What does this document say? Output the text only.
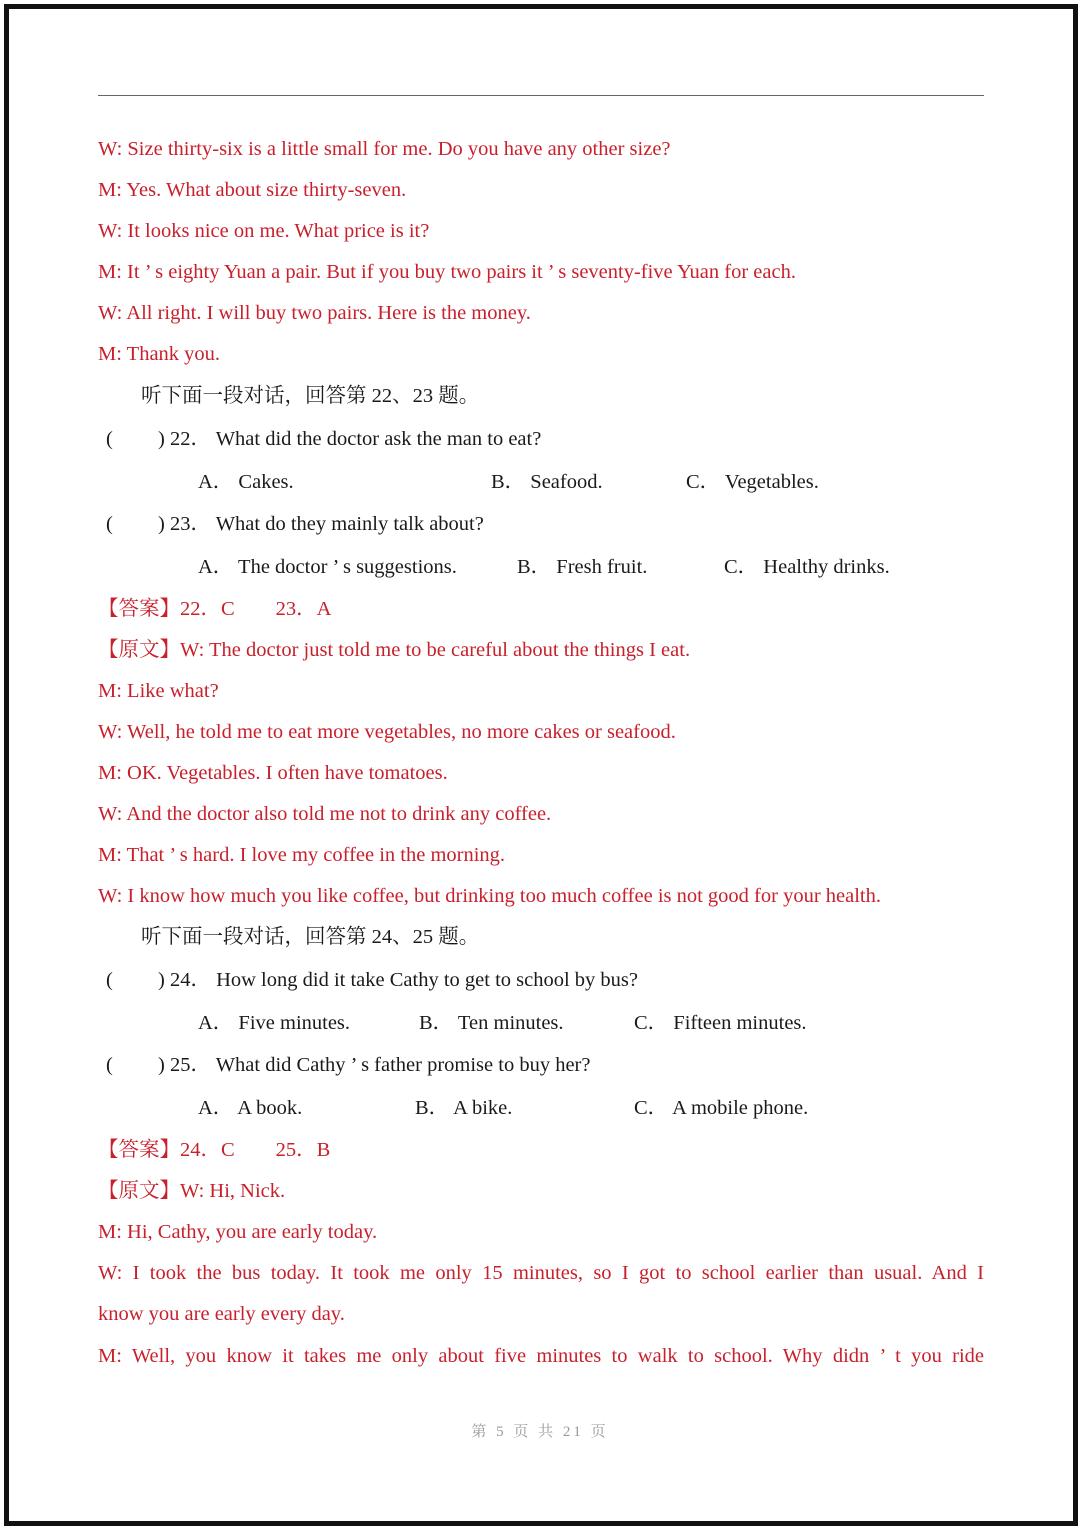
W: Size thirty-six is a little small for me. Do you have any other size?
M: Yes. What about size thirty-seven.
W: It looks nice on me. What price is it?
M: It ’ s eighty Yuan a pair. But if you buy two pairs it ’ s seventy-five Yuan for each.
W: All right. I will buy two pairs. Here is the money.
M: Thank you.
听下面一段对话，回答第 22、23 题。
( ) 22． What did the doctor ask the man to eat?
A． Cakes.	B． Seafood.	C． Vegetables.
( ) 23． What do they mainly talk about?
A． The doctor ’ s suggestions.	B． Fresh fruit.	C． Healthy drinks.
【答案】22．C　　23．A
【原文】W: The doctor just told me to be careful about the things I eat.
M: Like what?
W: Well, he told me to eat more vegetables, no more cakes or seafood.
M: OK. Vegetables. I often have tomatoes.
W: And the doctor also told me not to drink any coffee.
M: That ’ s hard. I love my coffee in the morning.
W: I know how much you like coffee, but drinking too much coffee is not good for your health.
听下面一段对话，回答第 24、25 题。
( ) 24． How long did it take Cathy to get to school by bus?
A． Five minutes.	B． Ten minutes.	C． Fifteen minutes.
( ) 25． What did Cathy ’ s father promise to buy her?
A． A book.	B． A bike.	C． A mobile phone.
【答案】24．C　　25．B
【原文】W: Hi, Nick.
M: Hi, Cathy, you are early today.
W: I took the bus today. It took me only 15 minutes, so I got to school earlier than usual. And I
know you are early every day.
M: Well, you know it takes me only about five minutes to walk to school. Why didn ’ t you ride
第 5 页 共 21 页
